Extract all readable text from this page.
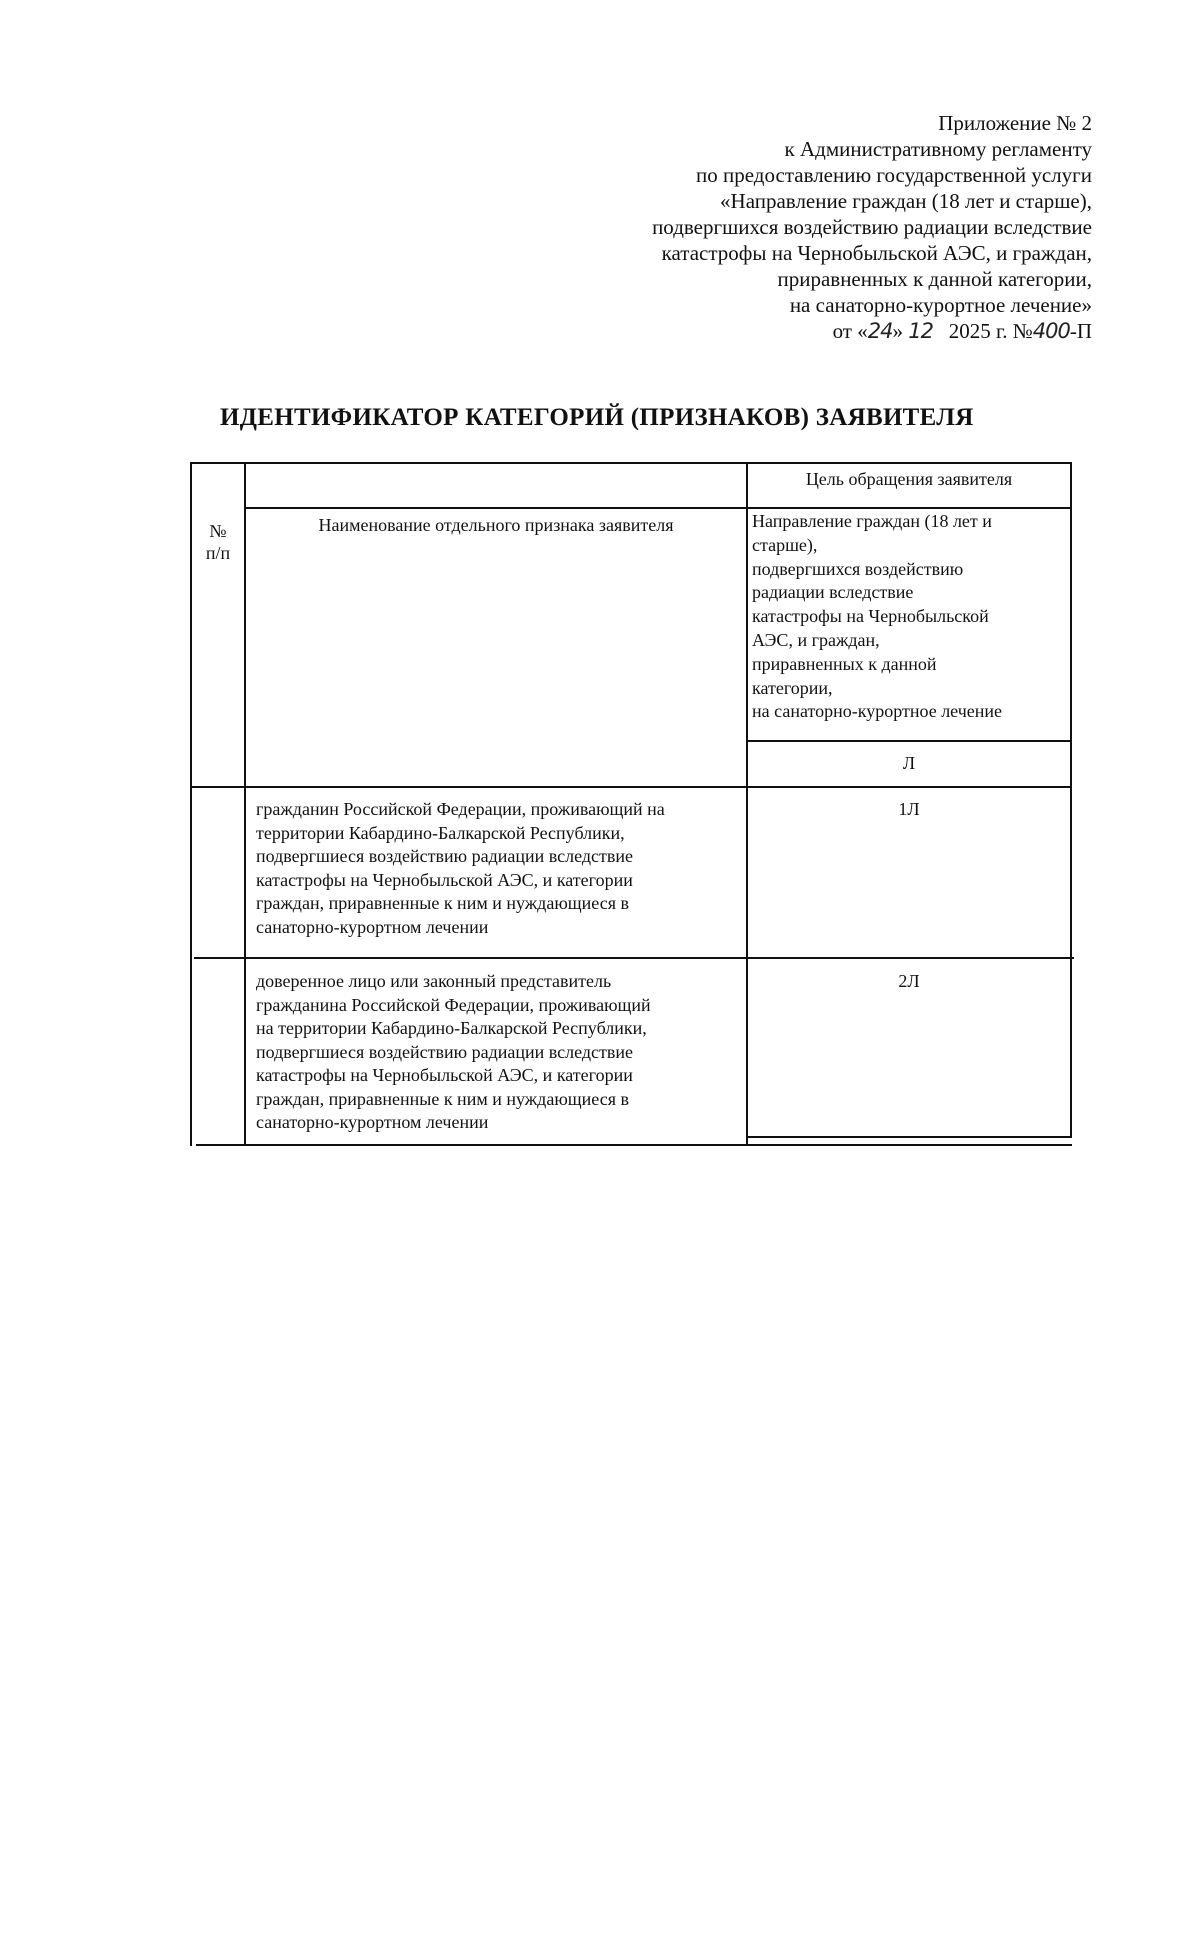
Приложение № 2
к Административному регламенту
по предоставлению государственной услуги
«Направление граждан (18 лет и старше),
подвергшихся воздействию радиации вследствие
катастрофы на Чернобыльской АЭС, и граждан,
приравненных к данной категории,
на санаторно-курортное лечение»
от «24» 12 2025 г. №400-П
ИДЕНТИФИКАТОР КАТЕГОРИЙ (ПРИЗНАКОВ) ЗАЯВИТЕЛЯ
№
п/п
Наименование отдельного признака заявителя
Цель обращения заявителя
Направление граждан (18 лет и
старше),
подвергшихся воздействию
радиации вследствие
катастрофы на Чернобыльской
АЭС, и граждан,
приравненных к данной
категории,
на санаторно-курортное лечение
Л
гражданин Российской Федерации, проживающий на
территории Кабардино-Балкарской Республики,
подвергшиеся воздействию радиации вследствие
катастрофы на Чернобыльской АЭС, и категории
граждан, приравненные к ним и нуждающиеся в
санаторно-курортном лечении
1Л
доверенное лицо или законный представитель
гражданина Российской Федерации, проживающий
на территории Кабардино-Балкарской Республики,
подвергшиеся воздействию радиации вследствие
катастрофы на Чернобыльской АЭС, и категории
граждан, приравненные к ним и нуждающиеся в
санаторно-курортном лечении
2Л
